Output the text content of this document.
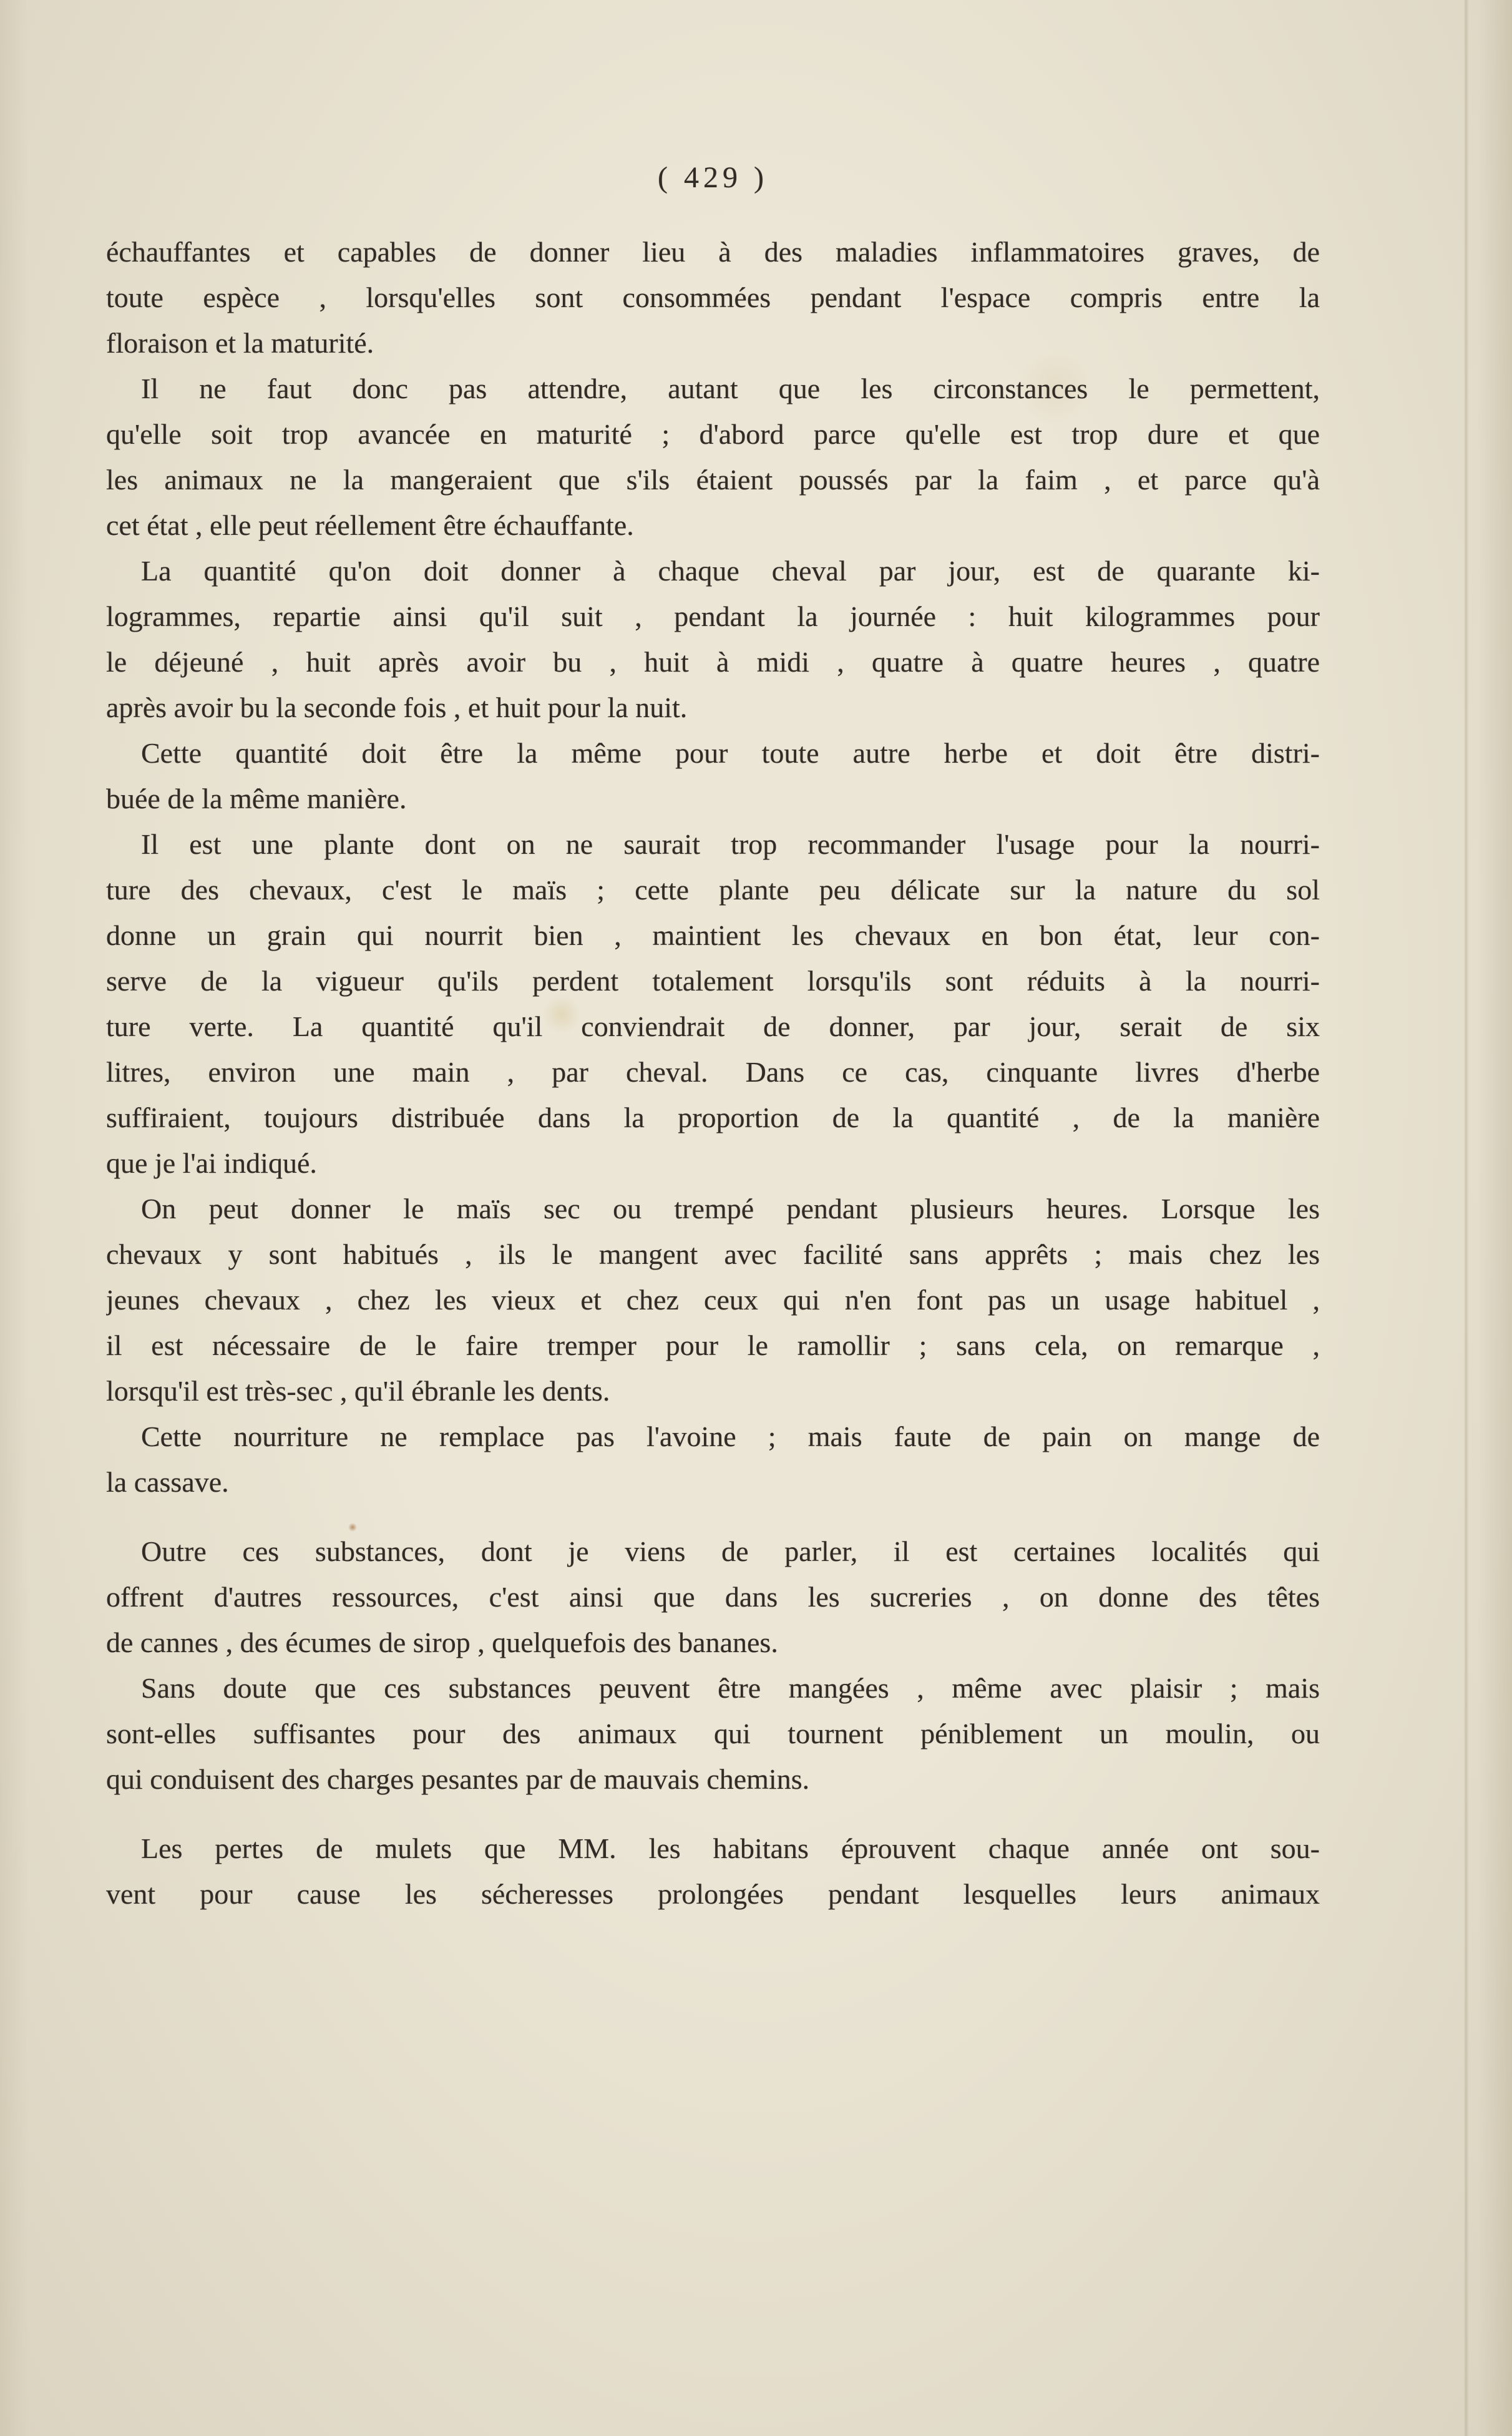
( 429 )
échauffantes et capables de donner lieu à des maladies inflammatoires graves, de
toute espèce , lorsqu'elles sont consommées pendant l'espace compris entre la
floraison et la maturité.
Il ne faut donc pas attendre, autant que les circonstances le permettent,
qu'elle soit trop avancée en maturité ; d'abord parce qu'elle est trop dure et que
les animaux ne la mangeraient que s'ils étaient poussés par la faim , et parce qu'à
cet état , elle peut réellement être échauffante.
La quantité qu'on doit donner à chaque cheval par jour, est de quarante ki-
logrammes, repartie ainsi qu'il suit , pendant la journée : huit kilogrammes pour
le déjeuné , huit après avoir bu , huit à midi , quatre à quatre heures , quatre
après avoir bu la seconde fois , et huit pour la nuit.
Cette quantité doit être la même pour toute autre herbe et doit être distri-
buée de la même manière.
Il est une plante dont on ne saurait trop recommander l'usage pour la nourri-
ture des chevaux, c'est le maïs ; cette plante peu délicate sur la nature du sol
donne un grain qui nourrit bien , maintient les chevaux en bon état, leur con-
serve de la vigueur qu'ils perdent totalement lorsqu'ils sont réduits à la nourri-
ture verte. La quantité qu'il conviendrait de donner, par jour, serait de six
litres, environ une main , par cheval. Dans ce cas, cinquante livres d'herbe
suffiraient, toujours distribuée dans la proportion de la quantité , de la manière
que je l'ai indiqué.
On peut donner le maïs sec ou trempé pendant plusieurs heures. Lorsque les
chevaux y sont habitués , ils le mangent avec facilité sans apprêts ; mais chez les
jeunes chevaux , chez les vieux et chez ceux qui n'en font pas un usage habituel ,
il est nécessaire de le faire tremper pour le ramollir ; sans cela, on remarque ,
lorsqu'il est très-sec , qu'il ébranle les dents.
Cette nourriture ne remplace pas l'avoine ; mais faute de pain on mange de
la cassave.
Outre ces substances, dont je viens de parler, il est certaines localités qui
offrent d'autres ressources, c'est ainsi que dans les sucreries , on donne des têtes
de cannes , des écumes de sirop , quelquefois des bananes.
Sans doute que ces substances peuvent être mangées , même avec plaisir ; mais
sont-elles suffisantes pour des animaux qui tournent péniblement un moulin, ou
qui conduisent des charges pesantes par de mauvais chemins.
Les pertes de mulets que MM. les habitans éprouvent chaque année ont sou-
vent pour cause les sécheresses prolongées pendant lesquelles leurs animaux
